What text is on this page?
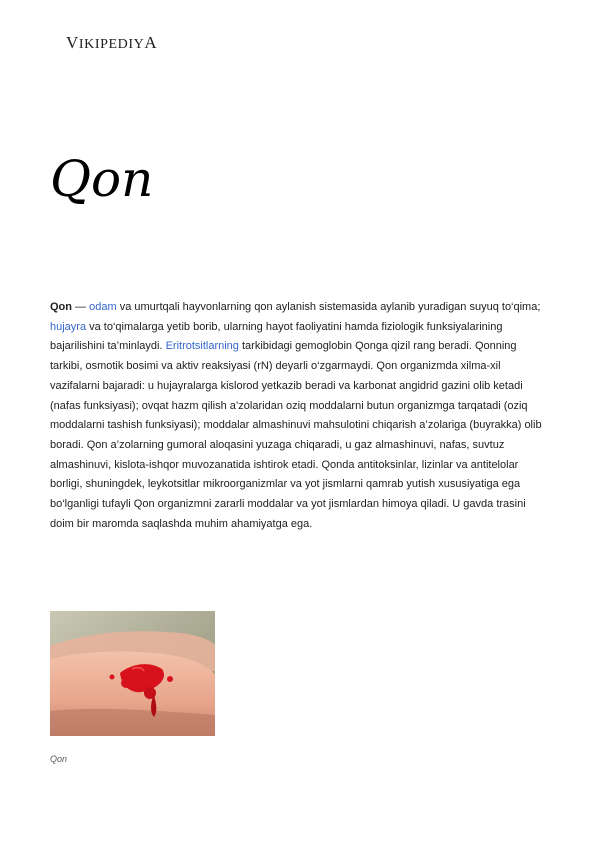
VIKIPEDIYA
Qon

Qon — odam va umurtqali hayvonlarning qon aylanish sistemasida aylanib yuradigan suyuq to‘qima; hujayra va to‘qimalarga yetib borib, ularning hayot faoliyatini hamda fiziologik funksiyalarining bajarilishini ta’minlaydi. Eritrotsitlarning tarkibidagi gemoglobin Qonga qizil rang beradi. Qonning tarkibi, osmotik bosimi va aktiv reaksiyasi (rN) deyarli o‘zgarmaydi. Qon organizmda xilma-xil vazifalarni bajaradi: u hujayralarga kislorod yetkazib beradi va karbonat angidrid gazini olib ketadi (nafas funksiyasi); ovqat hazm qilish a’zolaridan oziq moddalarni butun organizmga tarqatadi (oziq moddalarni tashish funksiyasi); moddalar almashinuvi mahsulotini chiqarish a’zolariga (buyrakka) olib boradi. Qon a’zolarning gumoral aloqasini yuzaga chiqaradi, u gaz almashinuvi, nafas, suvtuz almashinuvi, kislota-ishqor muvozanatida ishtirok etadi. Qonda antitoksinlar, lizinlar va antitelolar borligi, shuningdek, leykotsitlar mikroorganizmlar va yot jismlarni qamrab yutish xususiyatiga ega bo‘lganligi tufayli Qon organizmni zararli moddalar va yot jismlardan himoya qiladi. U gavda trasini doim bir maromda saqlashda muhim ahamiyatga ega.

Qon
